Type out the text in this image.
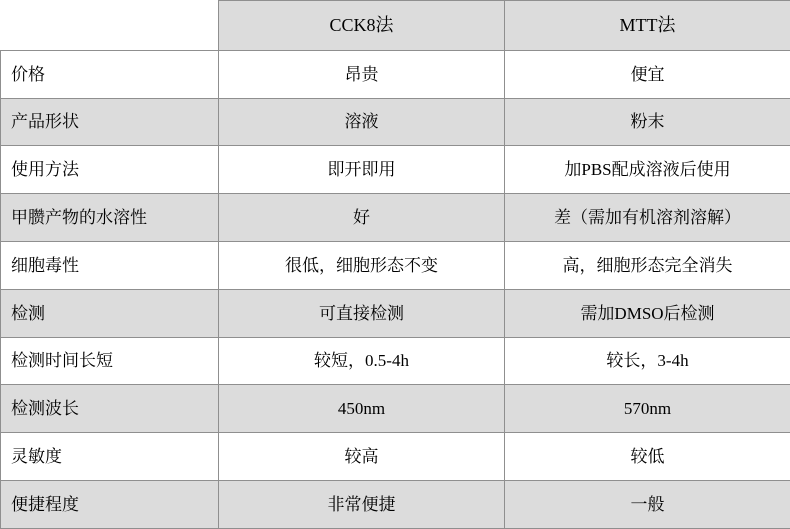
	CCK8法	MTT法
价格	昂贵	便宜
产品形状	溶液	粉末
使用方法	即开即用	加PBS配成溶液后使用
甲臜产物的水溶性	好	差（需加有机溶剂溶解）
细胞毒性	很低，细胞形态不变	高，细胞形态完全消失
检测	可直接检测	需加DMSO后检测
检测时间长短	较短，0.5-4h	较长，3-4h
检测波长	450nm	570nm
灵敏度	较高	较低
便捷程度	非常便捷	一般
